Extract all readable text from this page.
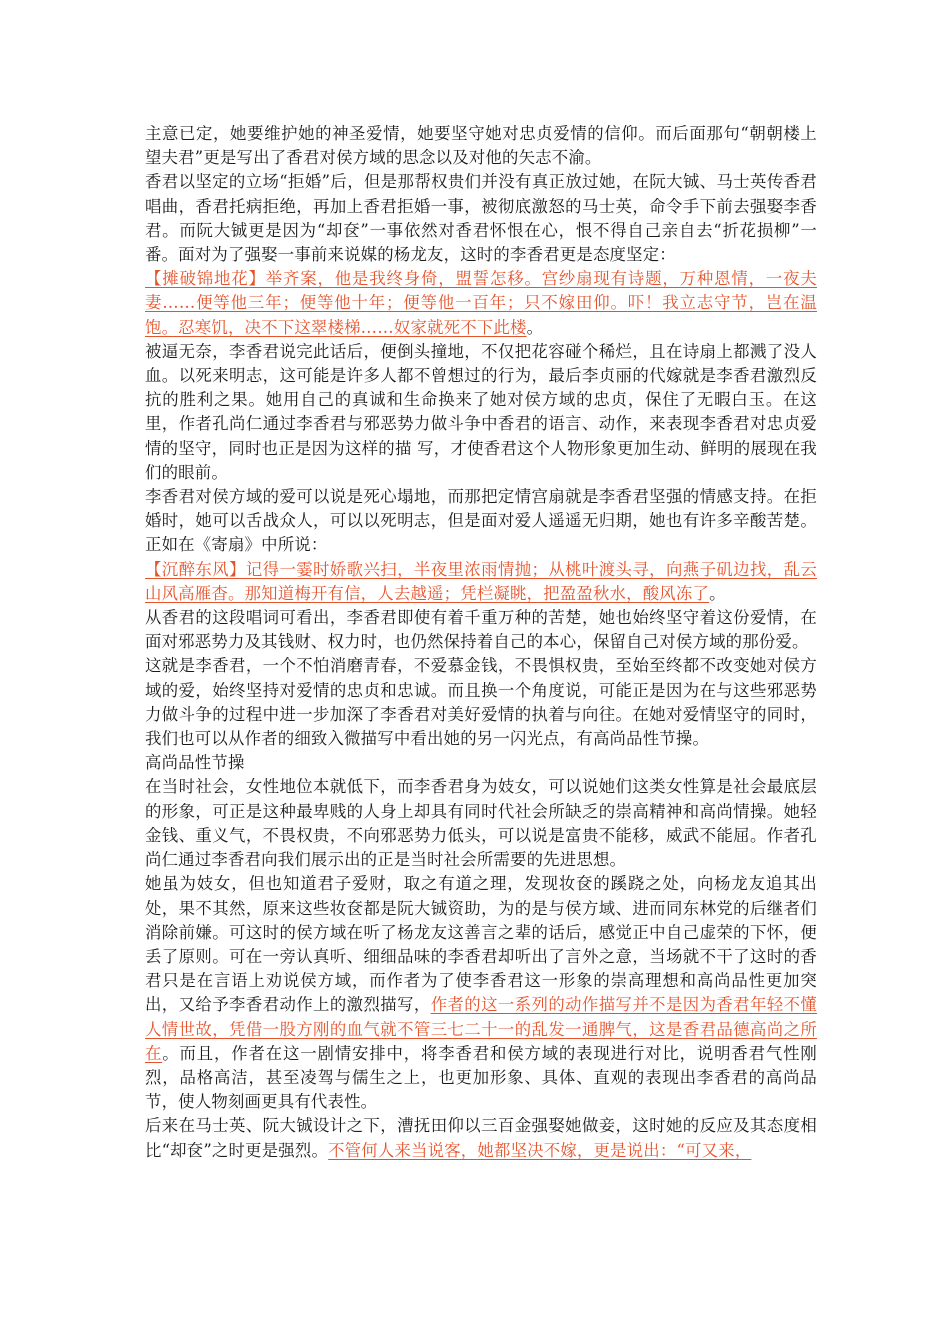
主意已定，她要维护她的神圣爱情，她要坚守她对忠贞爱情的信仰。而后面那句“朝朝楼上望夫君”更是写出了香君对侯方域的思念以及对他的矢志不渝。

香君以坚定的立场“拒婚”后，但是那帮权贵们并没有真正放过她，在阮大铖、马士英传香君唱曲，香君托病拒绝，再加上香君拒婚一事，被彻底激怒的马士英，命令手下前去强娶李香君。而阮大铖更是因为“却奁”一事依然对香君怀恨在心，恨不得自己亲自去“折花损柳”一番。面对为了强娶一事前来说媒的杨龙友，这时的李香君更是态度坚定：

【摊破锦地花】举齐案，他是我终身倚，盟誓怎移。宫纱扇现有诗题，万种恩情，一夜夫妻……便等他三年；便等他十年；便等他一百年；只不嫁田仰。吓！我立志守节，岂在温饱。忍寒饥，决不下这翠楼梯……奴家就死不下此楼。

被逼无奈，李香君说完此话后，便倒头撞地，不仅把花容碰个稀烂，且在诗扇上都溅了没人血。以死来明志，这可能是许多人都不曾想过的行为，最后李贞丽的代嫁就是李香君激烈反抗的胜利之果。她用自己的真诚和生命换来了她对侯方域的忠贞，保住了无暇白玉。在这里，作者孔尚仁通过李香君与邪恶势力做斗争中香君的语言、动作，来表现李香君对忠贞爱情的坚守，同时也正是因为这样的描 写，才使香君这个人物形象更加生动、鲜明的展现在我们的眼前。

李香君对侯方域的爱可以说是死心塌地，而那把定情宫扇就是李香君坚强的情感支持。在拒婚时，她可以舌战众人，可以以死明志，但是面对爱人遥遥无归期，她也有许多辛酸苦楚。正如在《寄扇》中所说：

【沉醉东风】记得一霎时娇歌兴扫，半夜里浓雨情抛；从桃叶渡头寻，向燕子矶边找，乱云山风高雁杳。那知道梅开有信，人去越遥；凭栏凝眺，把盈盈秋水，酸风冻了。

从香君的这段唱词可看出，李香君即使有着千重万种的苦楚，她也始终坚守着这份爱情，在面对邪恶势力及其钱财、权力时，也仍然保持着自己的本心，保留自己对侯方域的那份爱。

这就是李香君，一个不怕消磨青春，不爱慕金钱，不畏惧权贵，至始至终都不改变她对侯方域的爱，始终坚持对爱情的忠贞和忠诚。而且换一个角度说，可能正是因为在与这些邪恶势力做斗争的过程中进一步加深了李香君对美好爱情的执着与向往。在她对爱情坚守的同时，我们也可以从作者的细致入微描写中看出她的另一闪光点，有高尚品性节操。

高尚品性节操

在当时社会，女性地位本就低下，而李香君身为妓女，可以说她们这类女性算是社会最底层的形象，可正是这种最卑贱的人身上却具有同时代社会所缺乏的崇高精神和高尚情操。她轻金钱、重义气，不畏权贵，不向邪恶势力低头，可以说是富贵不能移，威武不能屈。作者孔尚仁通过李香君向我们展示出的正是当时社会所需要的先进思想。

她虽为妓女，但也知道君子爱财，取之有道之理，发现妆奁的蹊跷之处，向杨龙友追其出处，果不其然，原来这些妆奁都是阮大铖资助，为的是与侯方域、进而同东林党的后继者们消除前嫌。可这时的侯方域在听了杨龙友这善言之辈的话后，感觉正中自己虚荣的下怀，便丢了原则。可在一旁认真听、细细品味的李香君却听出了言外之意，当场就不干了这时的香君只是在言语上劝说侯方域，而作者为了使李香君这一形象的崇高理想和高尚品性更加突出，又给予李香君动作上的激烈描写，作者的这一系列的动作描写并不是因为香君年轻不懂人情世故，凭借一股方刚的血气就不管三七二十一的乱发一通脾气，这是香君品德高尚之所在。而且，作者在这一剧情安排中，将李香君和侯方域的表现进行对比，说明香君气性刚烈，品格高洁，甚至凌驾与儒生之上，也更加形象、具体、直观的表现出李香君的高尚品节，使人物刻画更具有代表性。

后来在马士英、阮大铖设计之下，漕抚田仰以三百金强娶她做妾，这时她的反应及其态度相比“却奁”之时更是强烈。不管何人来当说客，她都坚决不嫁，更是说出：“可又来，
